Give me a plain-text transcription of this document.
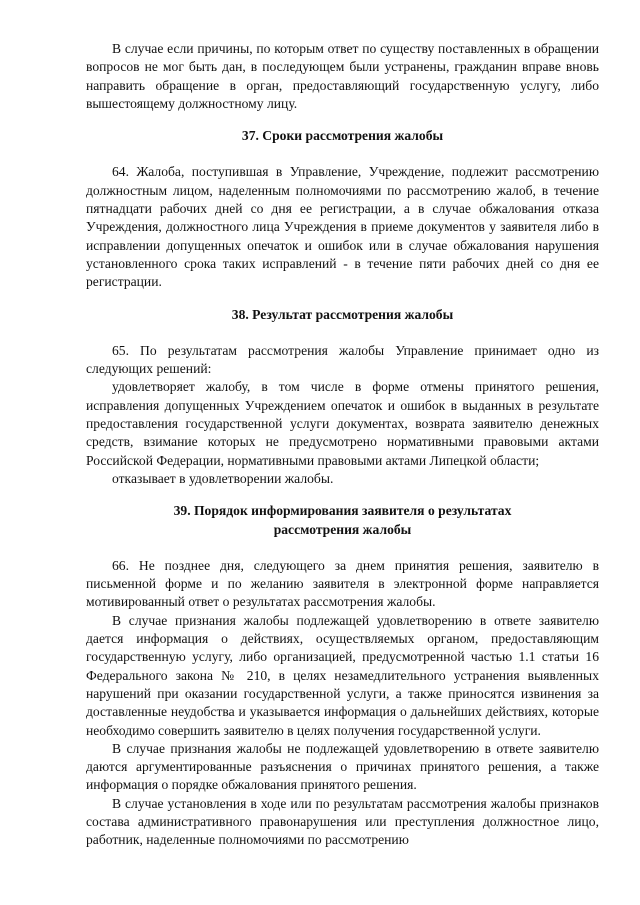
В случае если причины, по которым ответ по существу поставленных в обращении вопросов не мог быть дан, в последующем были устранены, гражданин вправе вновь направить обращение в орган, предоставляющий государственную услугу, либо вышестоящему должностному лицу.

37. Сроки рассмотрения жалобы

64. Жалоба, поступившая в Управление, Учреждение, подлежит рассмотрению должностным лицом, наделенным полномочиями по рассмотрению жалоб, в течение пятнадцати рабочих дней со дня ее регистрации, а в случае обжалования отказа Учреждения, должностного лица Учреждения в приеме документов у заявителя либо в исправлении допущенных опечаток и ошибок или в случае обжалования нарушения установленного срока таких исправлений - в течение пяти рабочих дней со дня ее регистрации.

38. Результат рассмотрения жалобы

65. По результатам рассмотрения жалобы Управление принимает одно из следующих решений:

удовлетворяет жалобу, в том числе в форме отмены принятого решения, исправления допущенных Учреждением опечаток и ошибок в выданных в результате предоставления государственной услуги документах, возврата заявителю денежных средств, взимание которых не предусмотрено нормативными правовыми актами Российской Федерации, нормативными правовыми актами Липецкой области;

отказывает в удовлетворении жалобы.

39. Порядок информирования заявителя о результатах рассмотрения жалобы

66. Не позднее дня, следующего за днем принятия решения, заявителю в письменной форме и по желанию заявителя в электронной форме направляется мотивированный ответ о результатах рассмотрения жалобы.

В случае признания жалобы подлежащей удовлетворению в ответе заявителю дается информация о действиях, осуществляемых органом, предоставляющим государственную услугу, либо организацией, предусмотренной частью 1.1 статьи 16 Федерального закона № 210, в целях незамедлительного устранения выявленных нарушений при оказании государственной услуги, а также приносятся извинения за доставленные неудобства и указывается информация о дальнейших действиях, которые необходимо совершить заявителю в целях получения государственной услуги.

В случае признания жалобы не подлежащей удовлетворению в ответе заявителю даются аргументированные разъяснения о причинах принятого решения, а также информация о порядке обжалования принятого решения.

В случае установления в ходе или по результатам рассмотрения жалобы признаков состава административного правонарушения или преступления должностное лицо, работник, наделенные полномочиями по рассмотрению
